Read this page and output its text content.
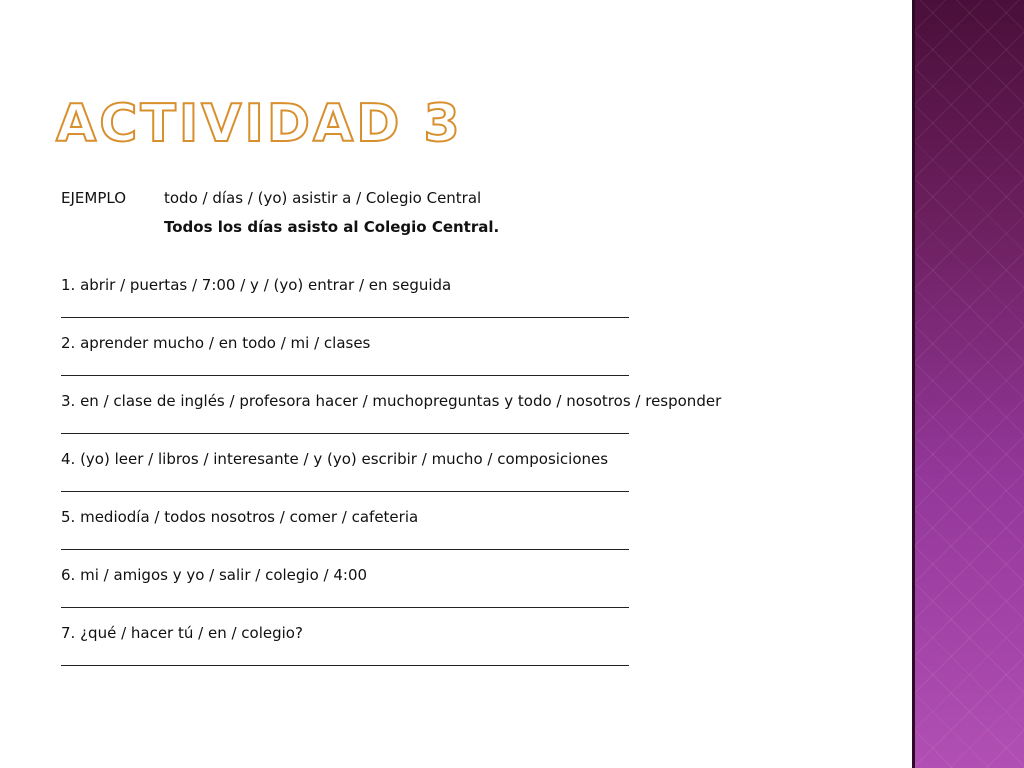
ACTIVIDAD 3
EJEMPLO	todo / días / (yo) asistir a / Colegio Central
Todos los días asisto al Colegio Central.
1. abrir / puertas / 7:00 / y / (yo) entrar / en seguida
2. aprender mucho / en todo / mi / clases
3. en / clase de inglés / profesora hacer / muchopreguntas y todo / nosotros / responder
4. (yo) leer / libros / interesante / y (yo) escribir / mucho / composiciones
5. mediodía / todos nosotros / comer / cafeteria
6. mi / amigos y yo / salir / colegio / 4:00
7. ¿qué / hacer tú / en / colegio?
